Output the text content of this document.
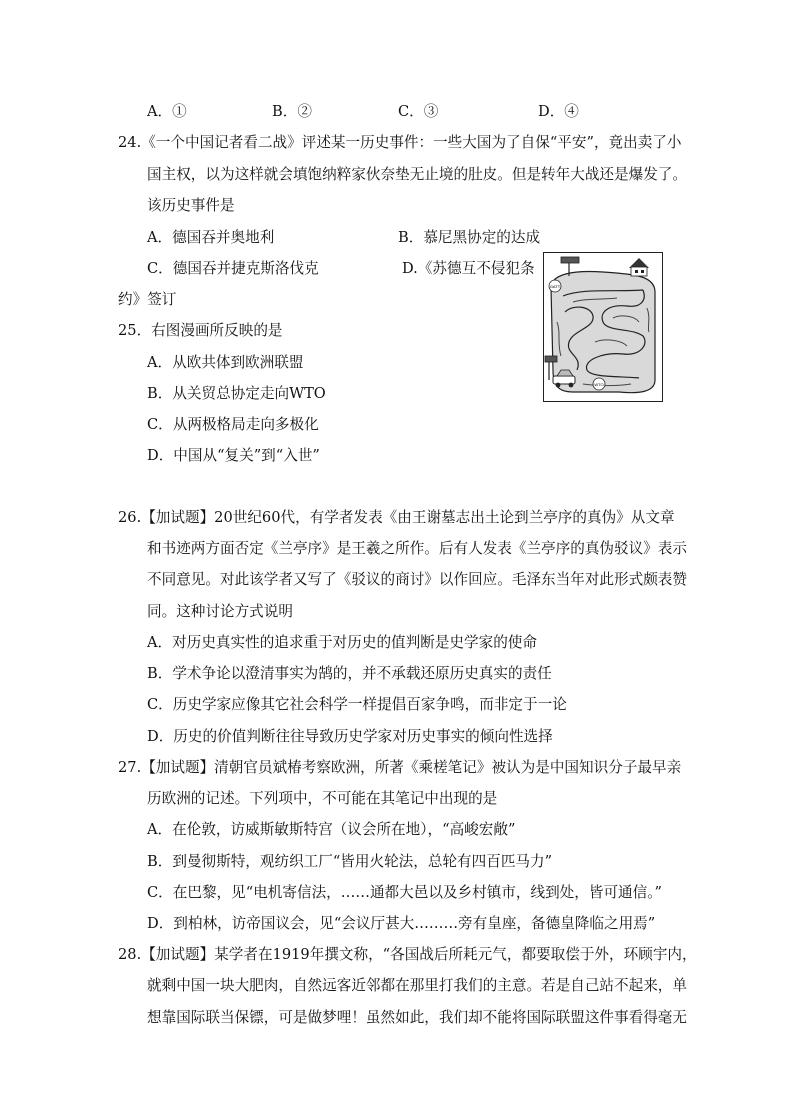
A．①	B．②	C．③	D．④
24.《一个中国记者看二战》评述某一历史事件：一些大国为了自保“平安”，竟出卖了小
国主权，以为这样就会填饱纳粹家伙奈垫无止境的肚皮。但是转年大战还是爆发了。
该历史事件是
A．德国吞并奥地利	B．慕尼黑协定的达成
C．德国吞并捷克斯洛伐克	D.《苏德互不侵犯条
约》签订
25．右图漫画所反映的是
A．从欧共体到欧洲联盟
B．从关贸总协定走向WTO
C．从两极格局走向多极化
D．中国从“复关”到“入世”
GATT
WTO
26.【加试题】20世纪60代，有学者发表《由王谢墓志出土论到兰亭序的真伪》从文章
和书迹两方面否定《兰亭序》是王羲之所作。后有人发表《兰亭序的真伪驳议》表示
不同意见。对此该学者又写了《驳议的商讨》以作回应。毛泽东当年对此形式颇表赞
同。这种讨论方式说明
A．对历史真实性的追求重于对历史的值判断是史学家的使命
B．学术争论以澄清事实为鹄的，并不承载还原历史真实的责任
C．历史学家应像其它社会科学一样提倡百家争鸣，而非定于一论
D．历史的价值判断往往导致历史学家对历史事实的倾向性选择
27.【加试题】清朝官员斌椿考察欧洲，所著《乘槎笔记》被认为是中国知识分子最早亲
历欧洲的记述。下列项中，不可能在其笔记中出现的是
A．在伦敦，访威斯敏斯特宫（议会所在地），“高峻宏敞”
B．到曼彻斯特，观纺织工厂“皆用火轮法，总轮有四百匹马力”
C．在巴黎，见“电机寄信法，……通都大邑以及乡村镇市，线到处，皆可通信。”
D．到柏林，访帝国议会，见“会议厅甚大………旁有皇座，备德皇降临之用焉”
28.【加试题】某学者在1919年撰文称，“各国战后所耗元气，都要取偿于外，环顾宇内，
就剩中国一块大肥肉，自然远客近邻都在那里打我们的主意。若是自己站不起来，单
想靠国际联当保镖，可是做梦哩！虽然如此，我们却不能将国际联盟这件事看得毫无
